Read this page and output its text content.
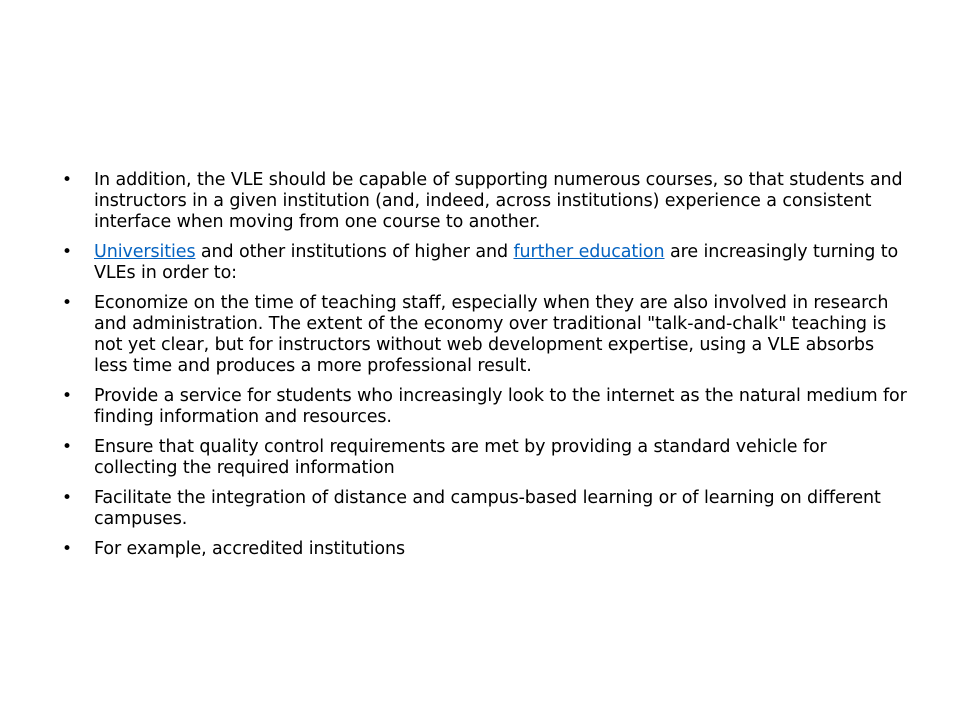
• In addition, the VLE should be capable of supporting numerous courses, so that students and instructors in a given institution (and, indeed, across institutions) experience a consistent interface when moving from one course to another.
• Universities and other institutions of higher and further education are increasingly turning to VLEs in order to:
• Economize on the time of teaching staff, especially when they are also involved in research and administration. The extent of the economy over traditional "talk-and-chalk" teaching is not yet clear, but for instructors without web development expertise, using a VLE absorbs less time and produces a more professional result.
• Provide a service for students who increasingly look to the internet as the natural medium for finding information and resources.
• Ensure that quality control requirements are met by providing a standard vehicle for collecting the required information
• Facilitate the integration of distance and campus-based learning or of learning on different campuses.
• For example, accredited institutions
